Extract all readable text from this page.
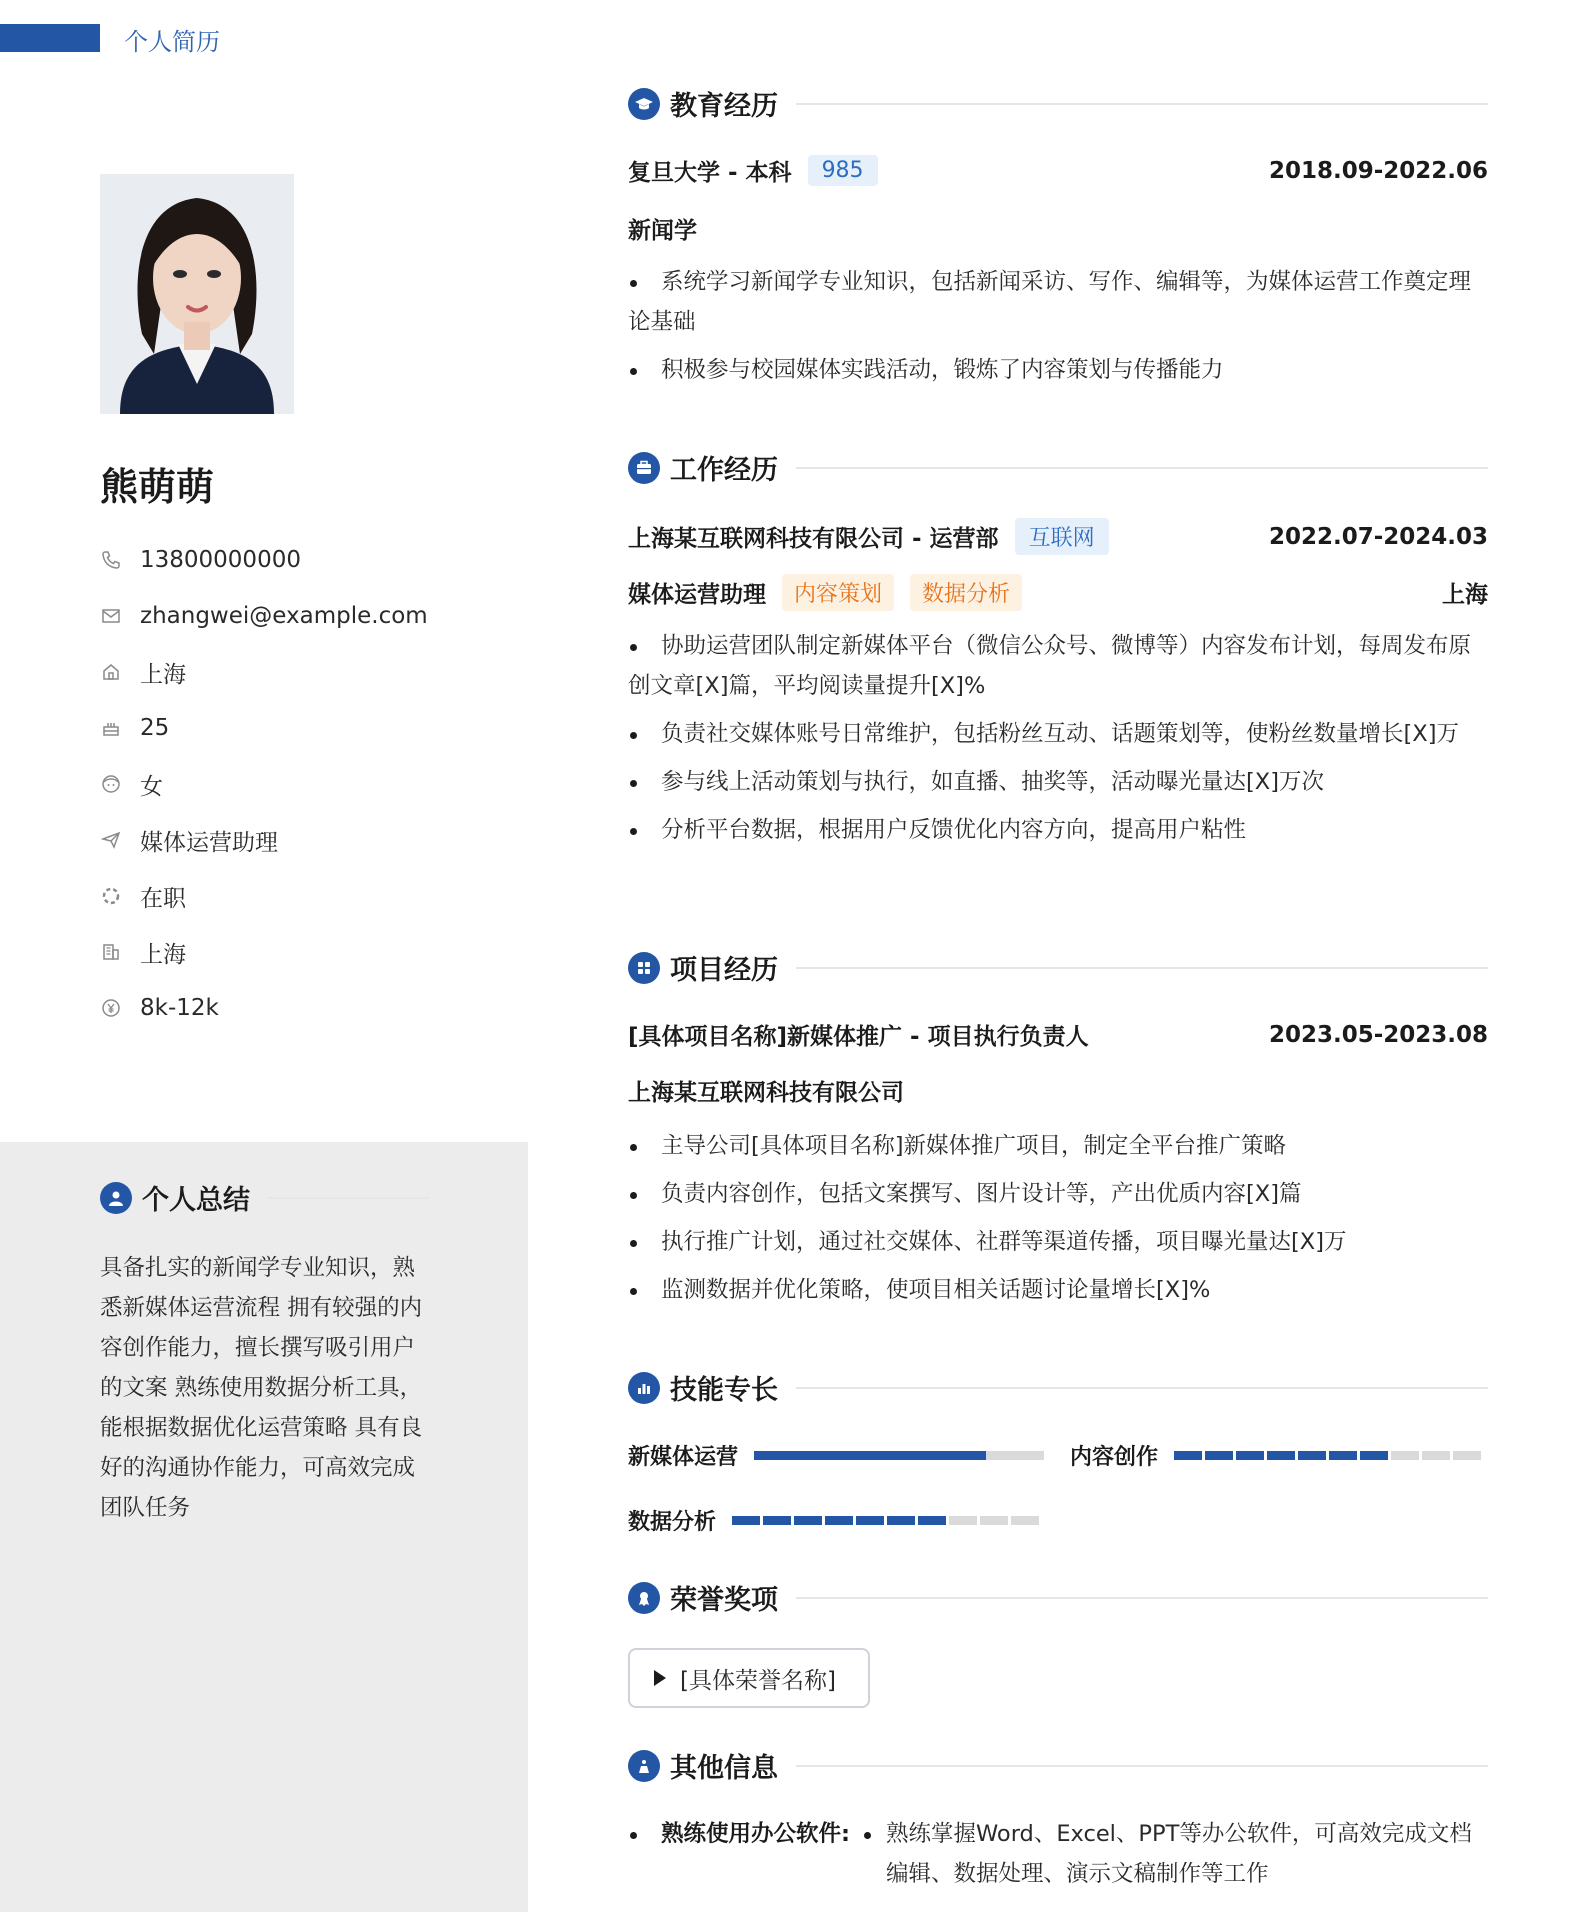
个人简历
熊萌萌
13800000000
zhangwei@example.com
上海
25
女
媒体运营助理
在职
上海
8k-12k
个人总结
具备扎实的新闻学专业知识，熟悉新媒体运营流程 拥有较强的内容创作能力，擅长撰写吸引用户的文案 熟练使用数据分析工具，能根据数据优化运营策略 具有良好的沟通协作能力，可高效完成团队任务
教育经历
复旦大学 - 本科	985	2018.09-2022.06
新闻学
系统学习新闻学专业知识，包括新闻采访、写作、编辑等，为媒体运营工作奠定理论基础
积极参与校园媒体实践活动，锻炼了内容策划与传播能力
工作经历
上海某互联网科技有限公司 - 运营部	互联网	2022.07-2024.03
媒体运营助理	内容策划	数据分析	上海
协助运营团队制定新媒体平台（微信公众号、微博等）内容发布计划，每周发布原创文章[X]篇，平均阅读量提升[X]%
负责社交媒体账号日常维护，包括粉丝互动、话题策划等，使粉丝数量增长[X]万
参与线上活动策划与执行，如直播、抽奖等，活动曝光量达[X]万次
分析平台数据，根据用户反馈优化内容方向，提高用户粘性
项目经历
[具体项目名称]新媒体推广 - 项目执行负责人	2023.05-2023.08
上海某互联网科技有限公司
主导公司[具体项目名称]新媒体推广项目，制定全平台推广策略
负责内容创作，包括文案撰写、图片设计等，产出优质内容[X]篇
执行推广计划，通过社交媒体、社群等渠道传播，项目曝光量达[X]万
监测数据并优化策略，使项目相关话题讨论量增长[X]%
技能专长
新媒体运营	内容创作
数据分析
荣誉奖项
[具体荣誉名称]
其他信息
熟练使用办公软件: 熟练掌握Word、Excel、PPT等办公软件，可高效完成文档编辑、数据处理、演示文稿制作等工作
